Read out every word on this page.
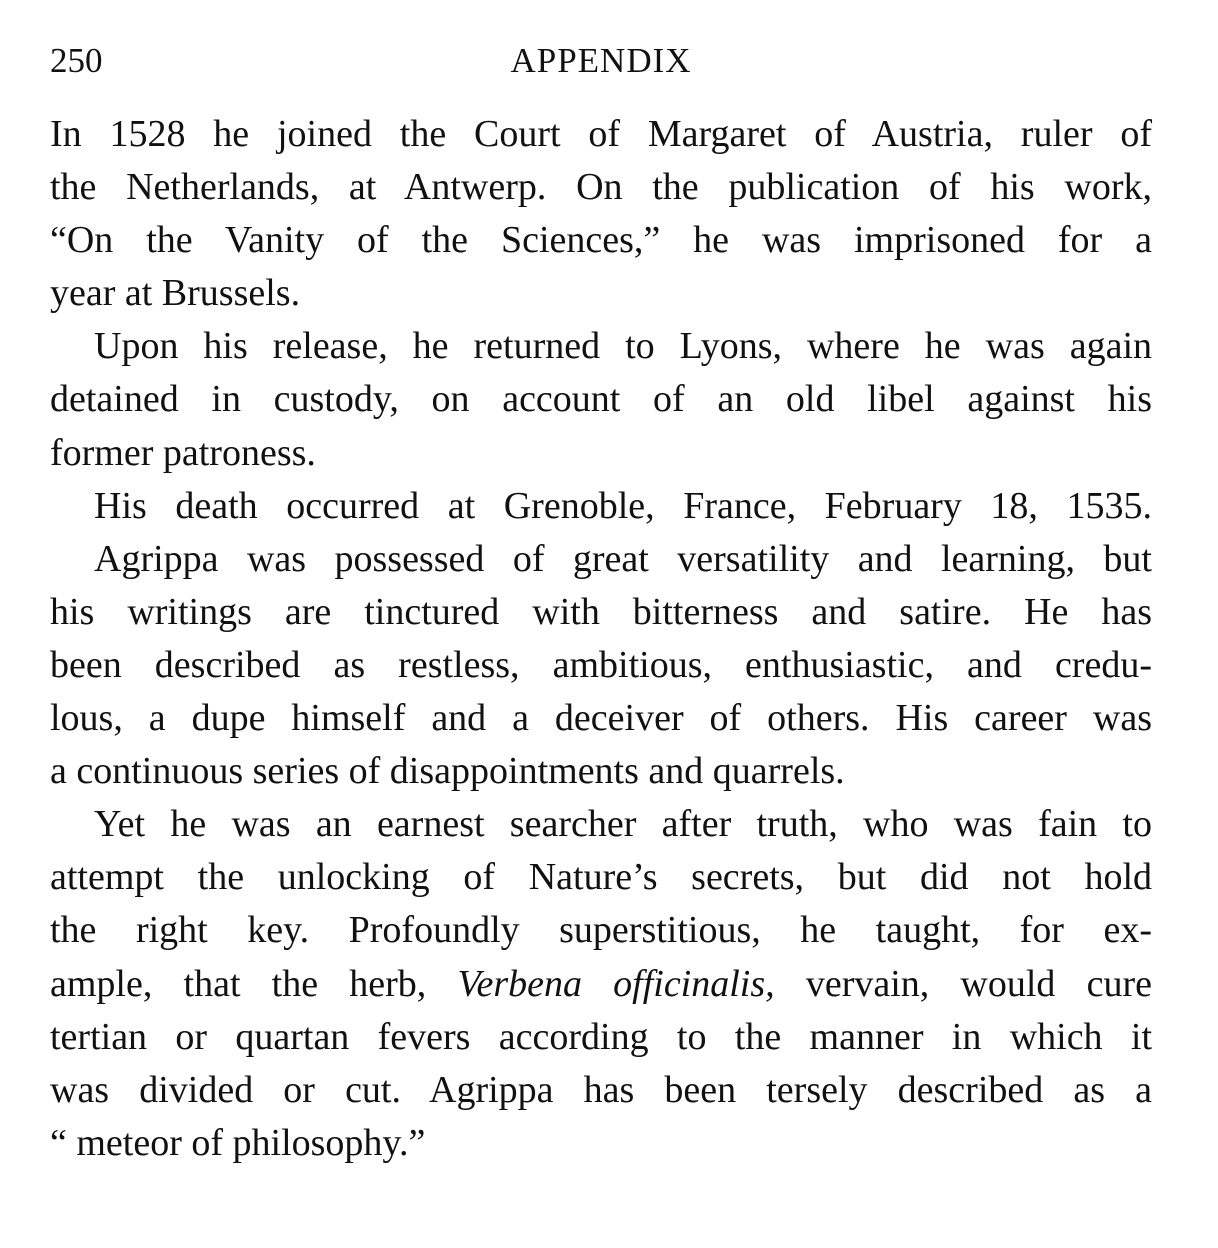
250	APPENDIX
In 1528 he joined the Court of Margaret of Austria, ruler of
the Netherlands, at Antwerp. On the publication of his work,
“On the Vanity of the Sciences,” he was imprisoned for a
year at Brussels.
Upon his release, he returned to Lyons, where he was again
detained in custody, on account of an old libel against his
former patroness.
His death occurred at Grenoble, France, February 18, 1535.
Agrippa was possessed of great versatility and learning, but
his writings are tinctured with bitterness and satire. He has
been described as restless, ambitious, enthusiastic, and credu-
lous, a dupe himself and a deceiver of others. His career was
a continuous series of disappointments and quarrels.
Yet he was an earnest searcher after truth, who was fain to
attempt the unlocking of Nature’s secrets, but did not hold
the right key. Profoundly superstitious, he taught, for ex-
ample, that the herb, Verbena officinalis, vervain, would cure
tertian or quartan fevers according to the manner in which it
was divided or cut. Agrippa has been tersely described as a
“ meteor of philosophy.”
